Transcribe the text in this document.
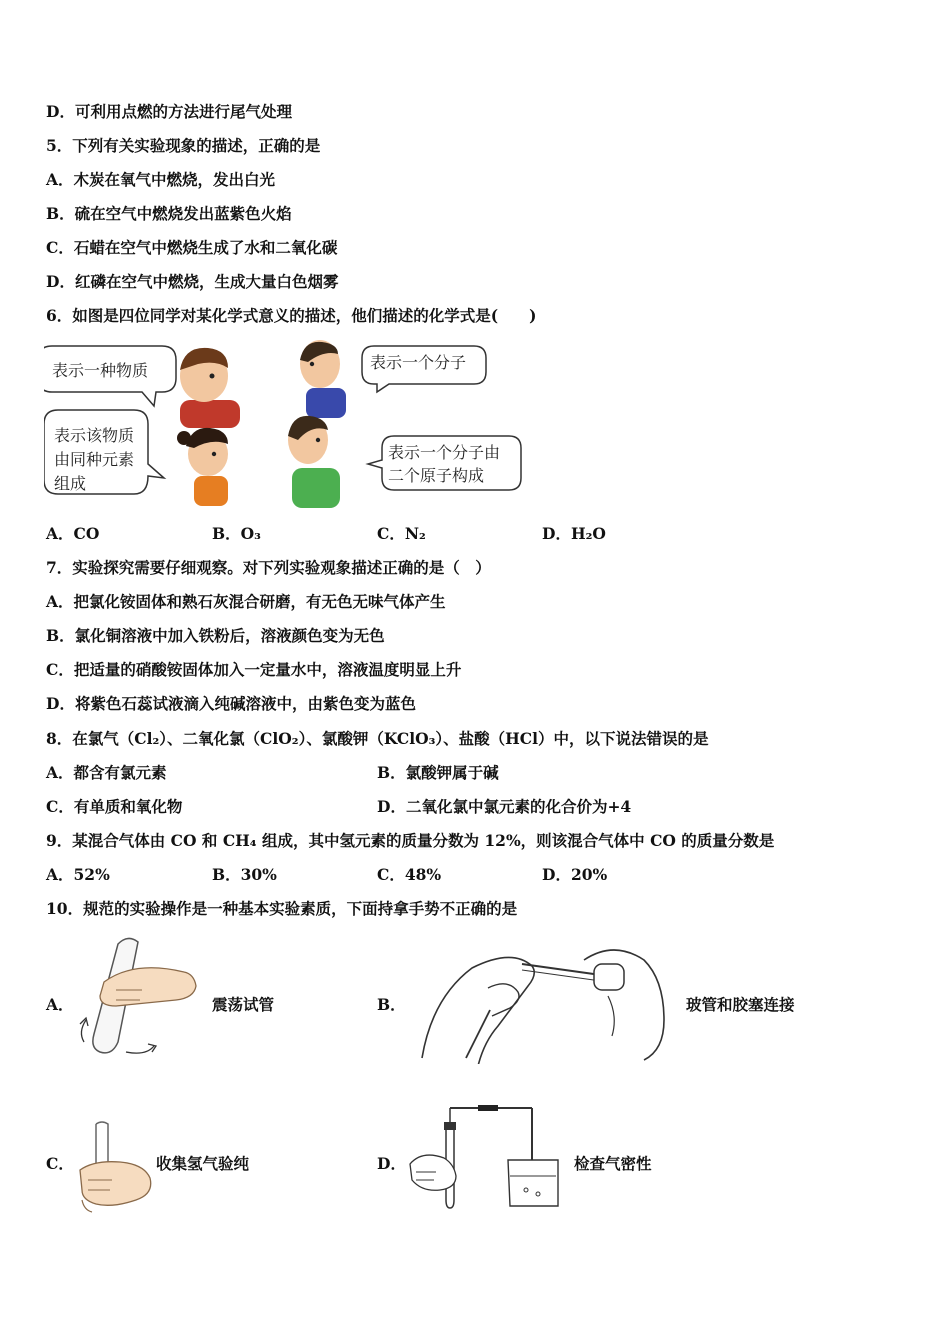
D．可利用点燃的方法进行尾气处理
5．下列有关实验现象的描述，正确的是
A．木炭在氧气中燃烧，发出白光
B．硫在空气中燃烧发出蓝紫色火焰
C．石蜡在空气中燃烧生成了水和二氧化碳
D．红磷在空气中燃烧，生成大量白色烟雾
6．如图是四位同学对某化学式意义的描述，他们描述的化学式是(　　)
表示一种物质	表示一个分子
表示该物质
由同种元素
组成
表示一个分子由
二个原子构成
A．CO	B．O₃	C．N₂	D．H₂O
7．实验探究需要仔细观察。对下列实验观象描述正确的是（　）
A．把氯化铵固体和熟石灰混合研磨，有无色无味气体产生
B．氯化铜溶液中加入铁粉后，溶液颜色变为无色
C．把适量的硝酸铵固体加入一定量水中，溶液温度明显上升
D．将紫色石蕊试液滴入纯碱溶液中，由紫色变为蓝色
8．在氯气（Cl₂）、二氧化氯（ClO₂）、氯酸钾（KClO₃）、盐酸（HCl）中，以下说法错误的是
A．都含有氯元素	B．氯酸钾属于碱
C．有单质和氧化物	D．二氧化氯中氯元素的化合价为+4
9．某混合气体由 CO 和 CH₄ 组成，其中氢元素的质量分数为 12%，则该混合气体中 CO 的质量分数是
A．52%	B．30%	C．48%	D．20%
10．规范的实验操作是一种基本实验素质，下面持拿手势不正确的是
A．	震荡试管	B．	玻管和胶塞连接
C．	收集氢气验纯	D．	检查气密性
